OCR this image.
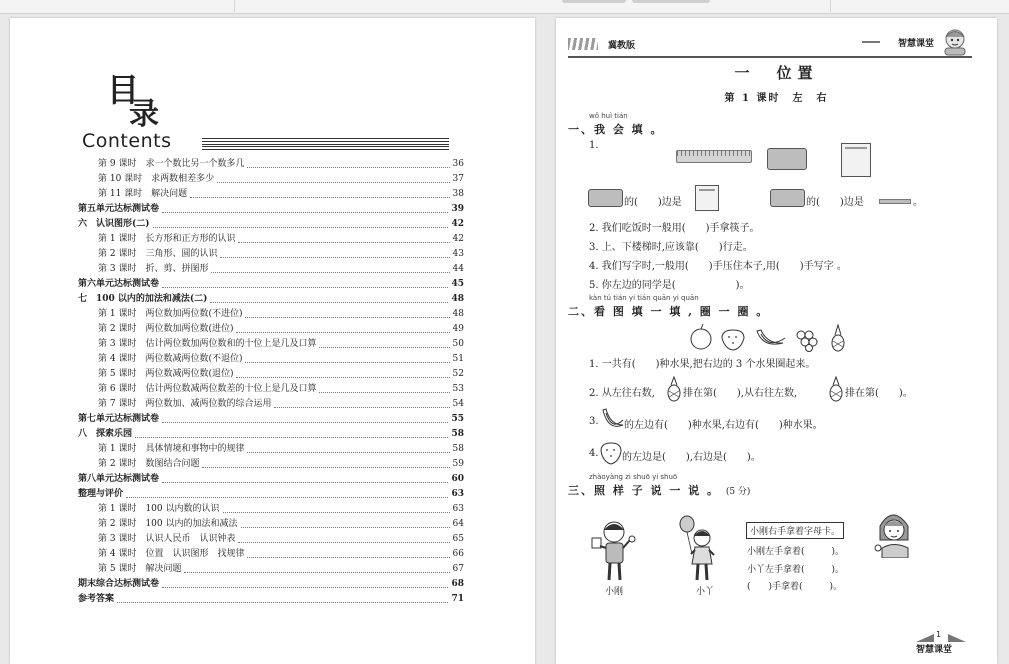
目
录
Contents
第 9 课时　求一个数比另一个数多几	36
第 10 课时　求两数相差多少	37
第 11 课时　解决问题	38
第五单元达标测试卷	39
六　认识图形(二)	42
第 1 课时　长方形和正方形的认识	42
第 2 课时　三角形、圆的认识	43
第 3 课时　折、剪、拼图形	44
第六单元达标测试卷	45
七　100 以内的加法和减法(二)	48
第 1 课时　两位数加两位数(不进位)	48
第 2 课时　两位数加两位数(进位)	49
第 3 课时　估计两位数加两位数和的十位上是几及口算	50
第 4 课时　两位数减两位数(不退位)	51
第 5 课时　两位数减两位数(退位)	52
第 6 课时　估计两位数减两位数差的十位上是几及口算	53
第 7 课时　两位数加、减两位数的综合运用	54
第七单元达标测试卷	55
八　探索乐园	58
第 1 课时　具体情境和事物中的规律	58
第 2 课时　数图结合问题	59
第八单元达标测试卷	60
整理与评价	63
第 1 课时　100 以内数的认识	63
第 2 课时　100 以内的加法和减法	64
第 3 课时　认识人民币　认识钟表	65
第 4 课时　位置　认识图形　找规律	66
第 5 课时　解决问题	67
期末综合达标测试卷	68
参考答案	71
冀教版	智慧课堂
一　位置
第 1 课时　左　右
wǒ huì tián
一、我 会 填 。
1.
的(　　)边是	的(　　)边是	。
2. 我们吃饭时一般用(　　)手拿筷子。
3. 上、下楼梯时,应该靠(　　)行走。
4. 我们写字时,一般用(　　)手压住本子,用(　　)手写字 。
5. 你左边的同学是(　　　　　　)。
kàn tú tián yi tián quān yi quān
二、看 图 填 一 填 , 圈 一 圈 。
1. 一共有(　　)种水果,把右边的 3 个水果圈起来。
2. 从左往右数,	排在第(　　),从右往左数,	排在第(　　)。
3.	的左边有(　　)种水果,右边有(　　)种水果。
4. 的左边是(　　),右边是(　　)。
zhàoyàng zi shuō yi shuō
三、照 样 子 说 一 说 。 (5 分)
小刚	小丫
小刚右手拿着字母卡。
小刚左手拿着(　　　)。
小丫左手拿着(　　　)。
(　　)手拿着(　　　)。
1
智慧课堂
